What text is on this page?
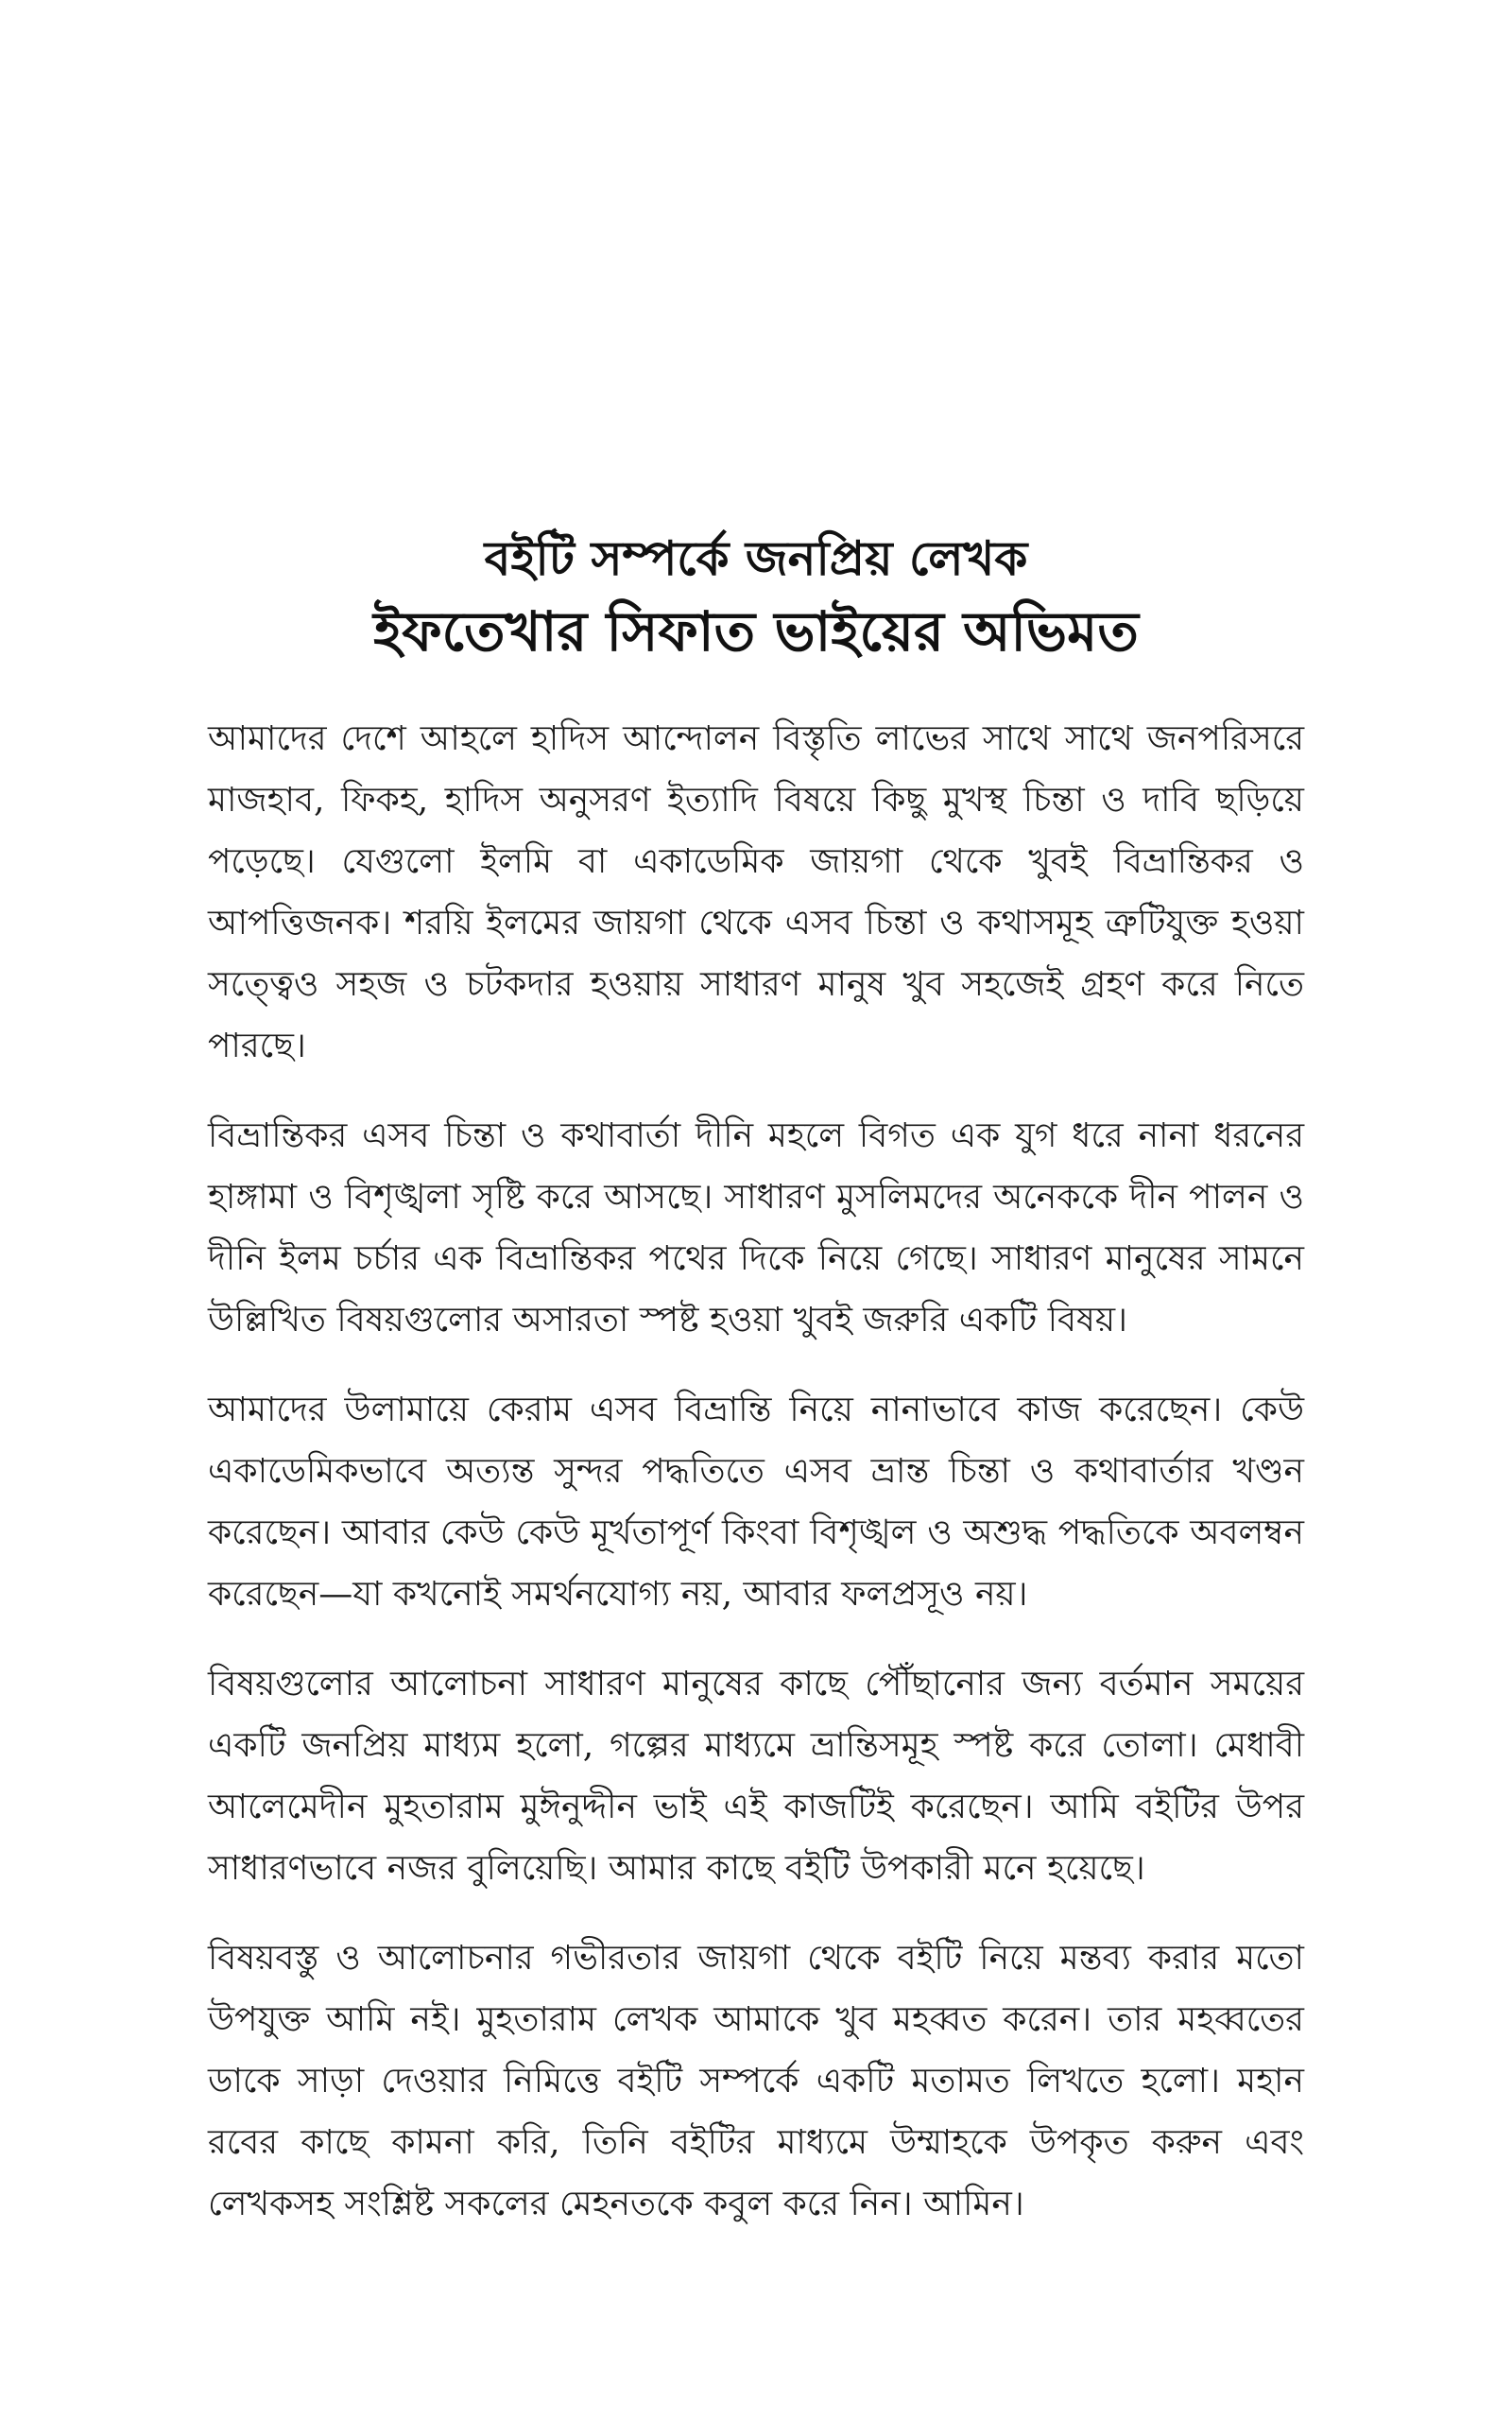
বইটি সম্পর্কে জনপ্রিয় লেখক
ইফতেখার সিফাত ভাইয়ের অভিমত

আমাদের দেশে আহলে হাদিস আন্দোলন বিস্তৃতি লাভের সাথে সাথে জনপরিসরে মাজহাব, ফিকহ, হাদিস অনুসরণ ইত্যাদি বিষয়ে কিছু মুখস্থ চিন্তা ও দাবি ছড়িয়ে পড়েছে। যেগুলো ইলমি বা একাডেমিক জায়গা থেকে খুবই বিভ্রান্তিকর ও আপত্তিজনক। শরয়ি ইলমের জায়গা থেকে এসব চিন্তা ও কথাসমূহ ত্রুটিযুক্ত হওয়া সত্ত্বেও সহজ ও চটকদার হওয়ায় সাধারণ মানুষ খুব সহজেই গ্রহণ করে নিতে পারছে।

বিভ্রান্তিকর এসব চিন্তা ও কথাবার্তা দীনি মহলে বিগত এক যুগ ধরে নানা ধরনের হাঙ্গামা ও বিশৃঙ্খলা সৃষ্টি করে আসছে। সাধারণ মুসলিমদের অনেককে দীন পালন ও দীনি ইলম চর্চার এক বিভ্রান্তিকর পথের দিকে নিয়ে গেছে। সাধারণ মানুষের সামনে উল্লিখিত বিষয়গুলোর অসারতা স্পষ্ট হওয়া খুবই জরুরি একটি বিষয়।

আমাদের উলামায়ে কেরাম এসব বিভ্রান্তি নিয়ে নানাভাবে কাজ করেছেন। কেউ একাডেমিকভাবে অত্যন্ত সুন্দর পদ্ধতিতে এসব ভ্রান্ত চিন্তা ও কথাবার্তার খণ্ডন করেছেন। আবার কেউ কেউ মূর্খতাপূর্ণ কিংবা বিশৃঙ্খল ও অশুদ্ধ পদ্ধতিকে অবলম্বন করেছেন—যা কখনোই সমর্থনযোগ্য নয়, আবার ফলপ্রসূও নয়।

বিষয়গুলোর আলোচনা সাধারণ মানুষের কাছে পৌঁছানোর জন্য বর্তমান সময়ের একটি জনপ্রিয় মাধ্যম হলো, গল্পের মাধ্যমে ভ্রান্তিসমূহ স্পষ্ট করে তোলা। মেধাবী আলেমেদীন মুহতারাম মুঈনুদ্দীন ভাই এই কাজটিই করেছেন। আমি বইটির উপর সাধারণভাবে নজর বুলিয়েছি। আমার কাছে বইটি উপকারী মনে হয়েছে।

বিষয়বস্তু ও আলোচনার গভীরতার জায়গা থেকে বইটি নিয়ে মন্তব্য করার মতো উপযুক্ত আমি নই। মুহতারাম লেখক আমাকে খুব মহব্বত করেন। তার মহব্বতের ডাকে সাড়া দেওয়ার নিমিত্তে বইটি সম্পর্কে একটি মতামত লিখতে হলো। মহান রবের কাছে কামনা করি, তিনি বইটির মাধ্যমে উম্মাহকে উপকৃত করুন এবং লেখকসহ সংশ্লিষ্ট সকলের মেহনতকে কবুল করে নিন। আমিন।
